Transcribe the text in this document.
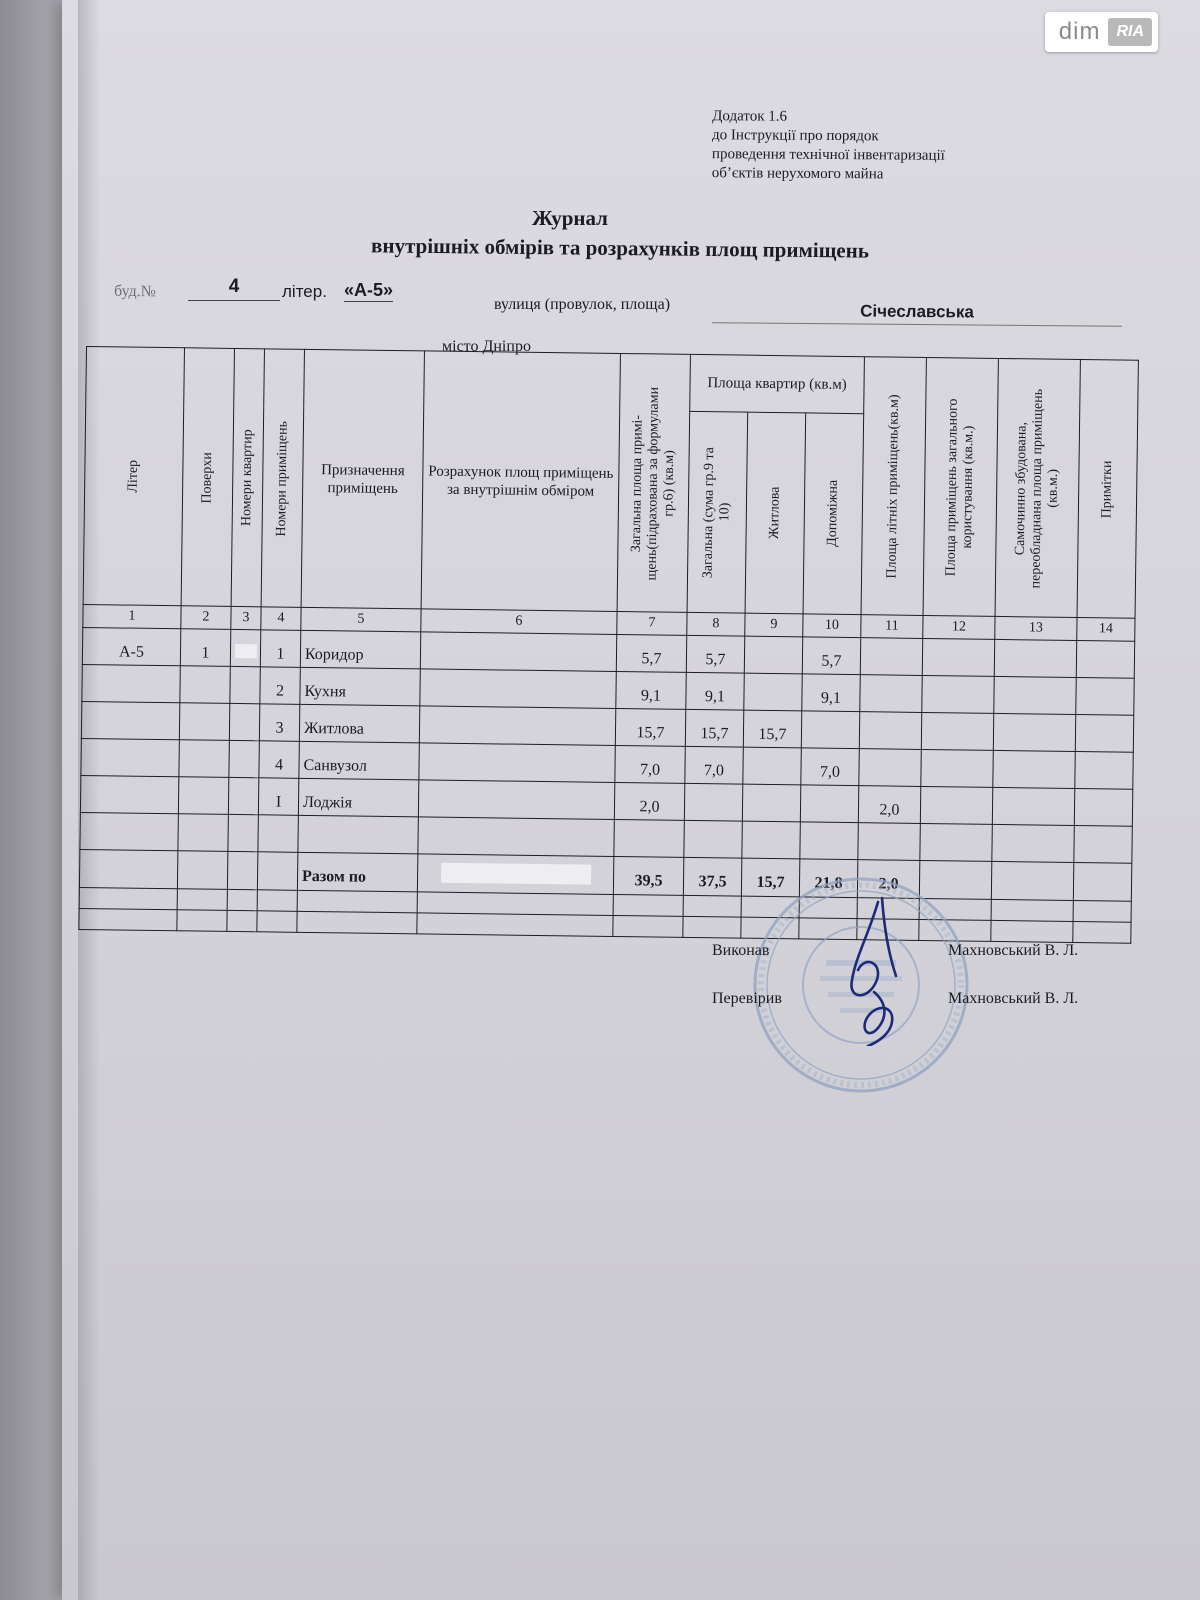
dim	RIA
Додаток 1.6
до Інструкції про порядок
проведення технічної інвентаризації
об’єктів нерухомого майна
Журнал
внутрішніх обмірів та розрахунків площ приміщень
буд.№	4	літер. «А-5»
вулиця (провулок, площа)	Січеславська
місто Дніпро
Літер	Поверхи	Номери квартир	Номери приміщень	Призначення приміщень	Розрахунок площ приміщень за внутрішнім обміром	Загальна площа примі-щень(підрахована за формулами гр.6) (кв.м)	Площа квартир (кв.м)			Площа літніх приміщень(кв.м)	Площа приміщень загального користування (кв.м.)	Самочинно збудована, переобладнана площа приміщень (кв.м.)	Примітки

Загальна (сума гр.9 та 10)	Житлова	Допоміжна				

1	2	3	4	5	6	7	8	9	10	11	12	13	14
А-5	1		1	Коридор		5,7	5,7		5,7				
			2	Кухня		9,1	9,1		9,1				
			3	Житлова		15,7	15,7	15,7					
			4	Санвузол		7,0	7,0		7,0				
			I	Лоджія		2,0				2,0			

				Разом по		39,5	37,5	15,7	21,8	2,0			

Виконав	Махновський В. Л.
Перевірив	Махновський В. Л.
